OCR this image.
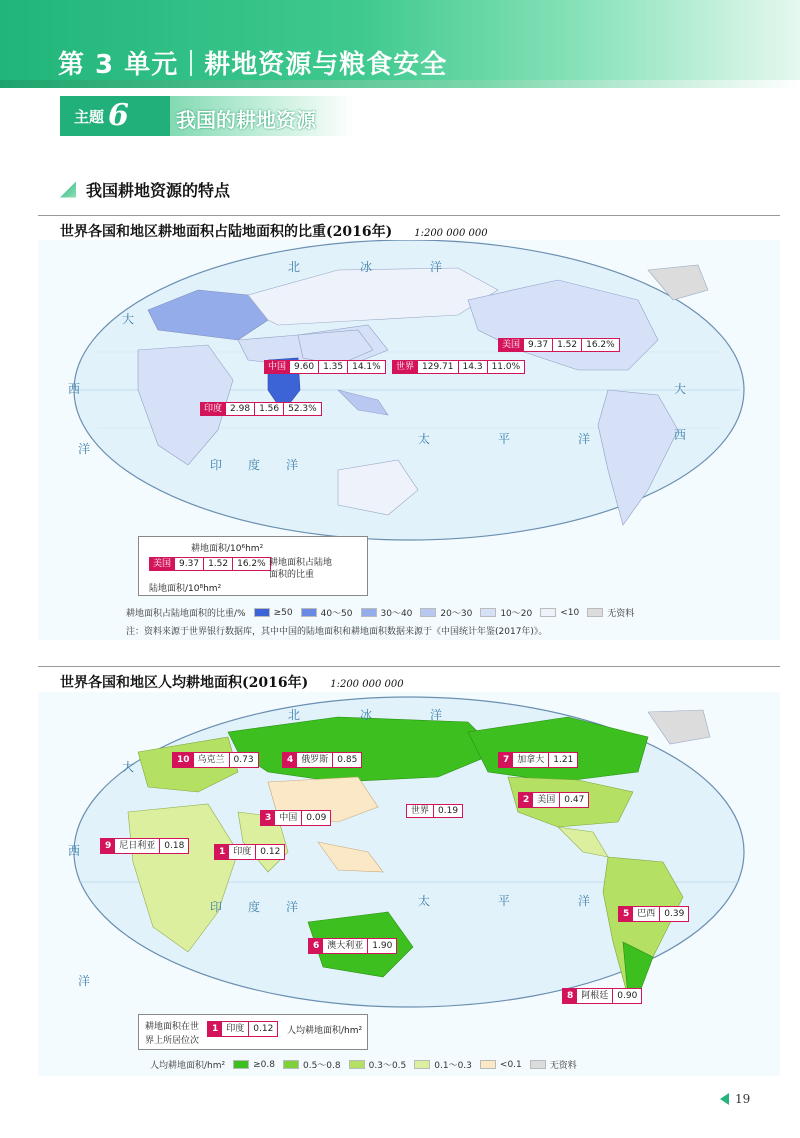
第 3 单元 耕地资源与粮食安全
主题 6 我国的耕地资源
我国耕地资源的特点
世界各国和地区耕地面积占陆地面积的比重(2016年) 1:200 000 000
北	冰	洋
大
西
洋
印 度 洋
太	平	洋
大
西
中国 9.60	1.35	14.1%	世界 129.71	14.3	11.0%
美国 9.37	1.52	16.2%
印度 2.98	1.56	52.3%
耕地面积/10⁶hm²
美国 9.37	1.52	16.2% 耕地面积占陆地
面积的比重
陆地面积/10⁸hm²
耕地面积占陆地面积的比重/%	≥50	40～50	30～40	20～30	10～20	<10	无资料
注：资料来源于世界银行数据库，其中中国的陆地面积和耕地面积数据来源于《中国统计年鉴(2017年)》。
世界各国和地区人均耕地面积(2016年) 1:200 000 000
北	冰	洋
大
西
洋
印 度 洋	太	平	洋
10 乌克兰	0.73	4 俄罗斯	0.85	7 加拿大	1.21
2 美国	0.47
3 中国	0.09
世界	0.19
9 尼日利亚	0.18
1 印度	0.12
5 巴西	0.39
6 澳大利亚	1.90
8 阿根廷	0.90
耕地面积在世
界上所居位次
1 印度	0.12	人均耕地面积/hm²
人均耕地面积/hm²	≥0.8	0.5～0.8	0.3～0.5	0.1～0.3	<0.1	无资料
19
